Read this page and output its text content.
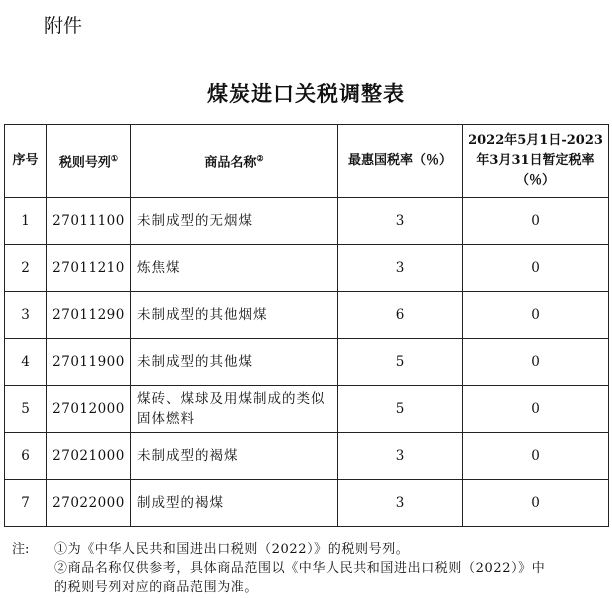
附件
煤炭进口关税调整表
序号	税则号列①	商品名称②	最惠国税率（％）	2022年5月1日-2023年3月31日暂定税率（％）
1	27011100	未制成型的无烟煤	3	0
2	27011210	炼焦煤	3	0
3	27011290	未制成型的其他烟煤	6	0
4	27011900	未制成型的其他煤	5	0
5	27012000	煤砖、煤球及用煤制成的类似固体燃料	5	0
6	27021000	未制成型的褐煤	3	0
7	27022000	制成型的褐煤	3	0
注:	①为《中华人民共和国进出口税则（2022）》的税则号列。
②商品名称仅供参考，具体商品范围以《中华人民共和国进出口税则（2022）》中
的税则号列对应的商品范围为准。
